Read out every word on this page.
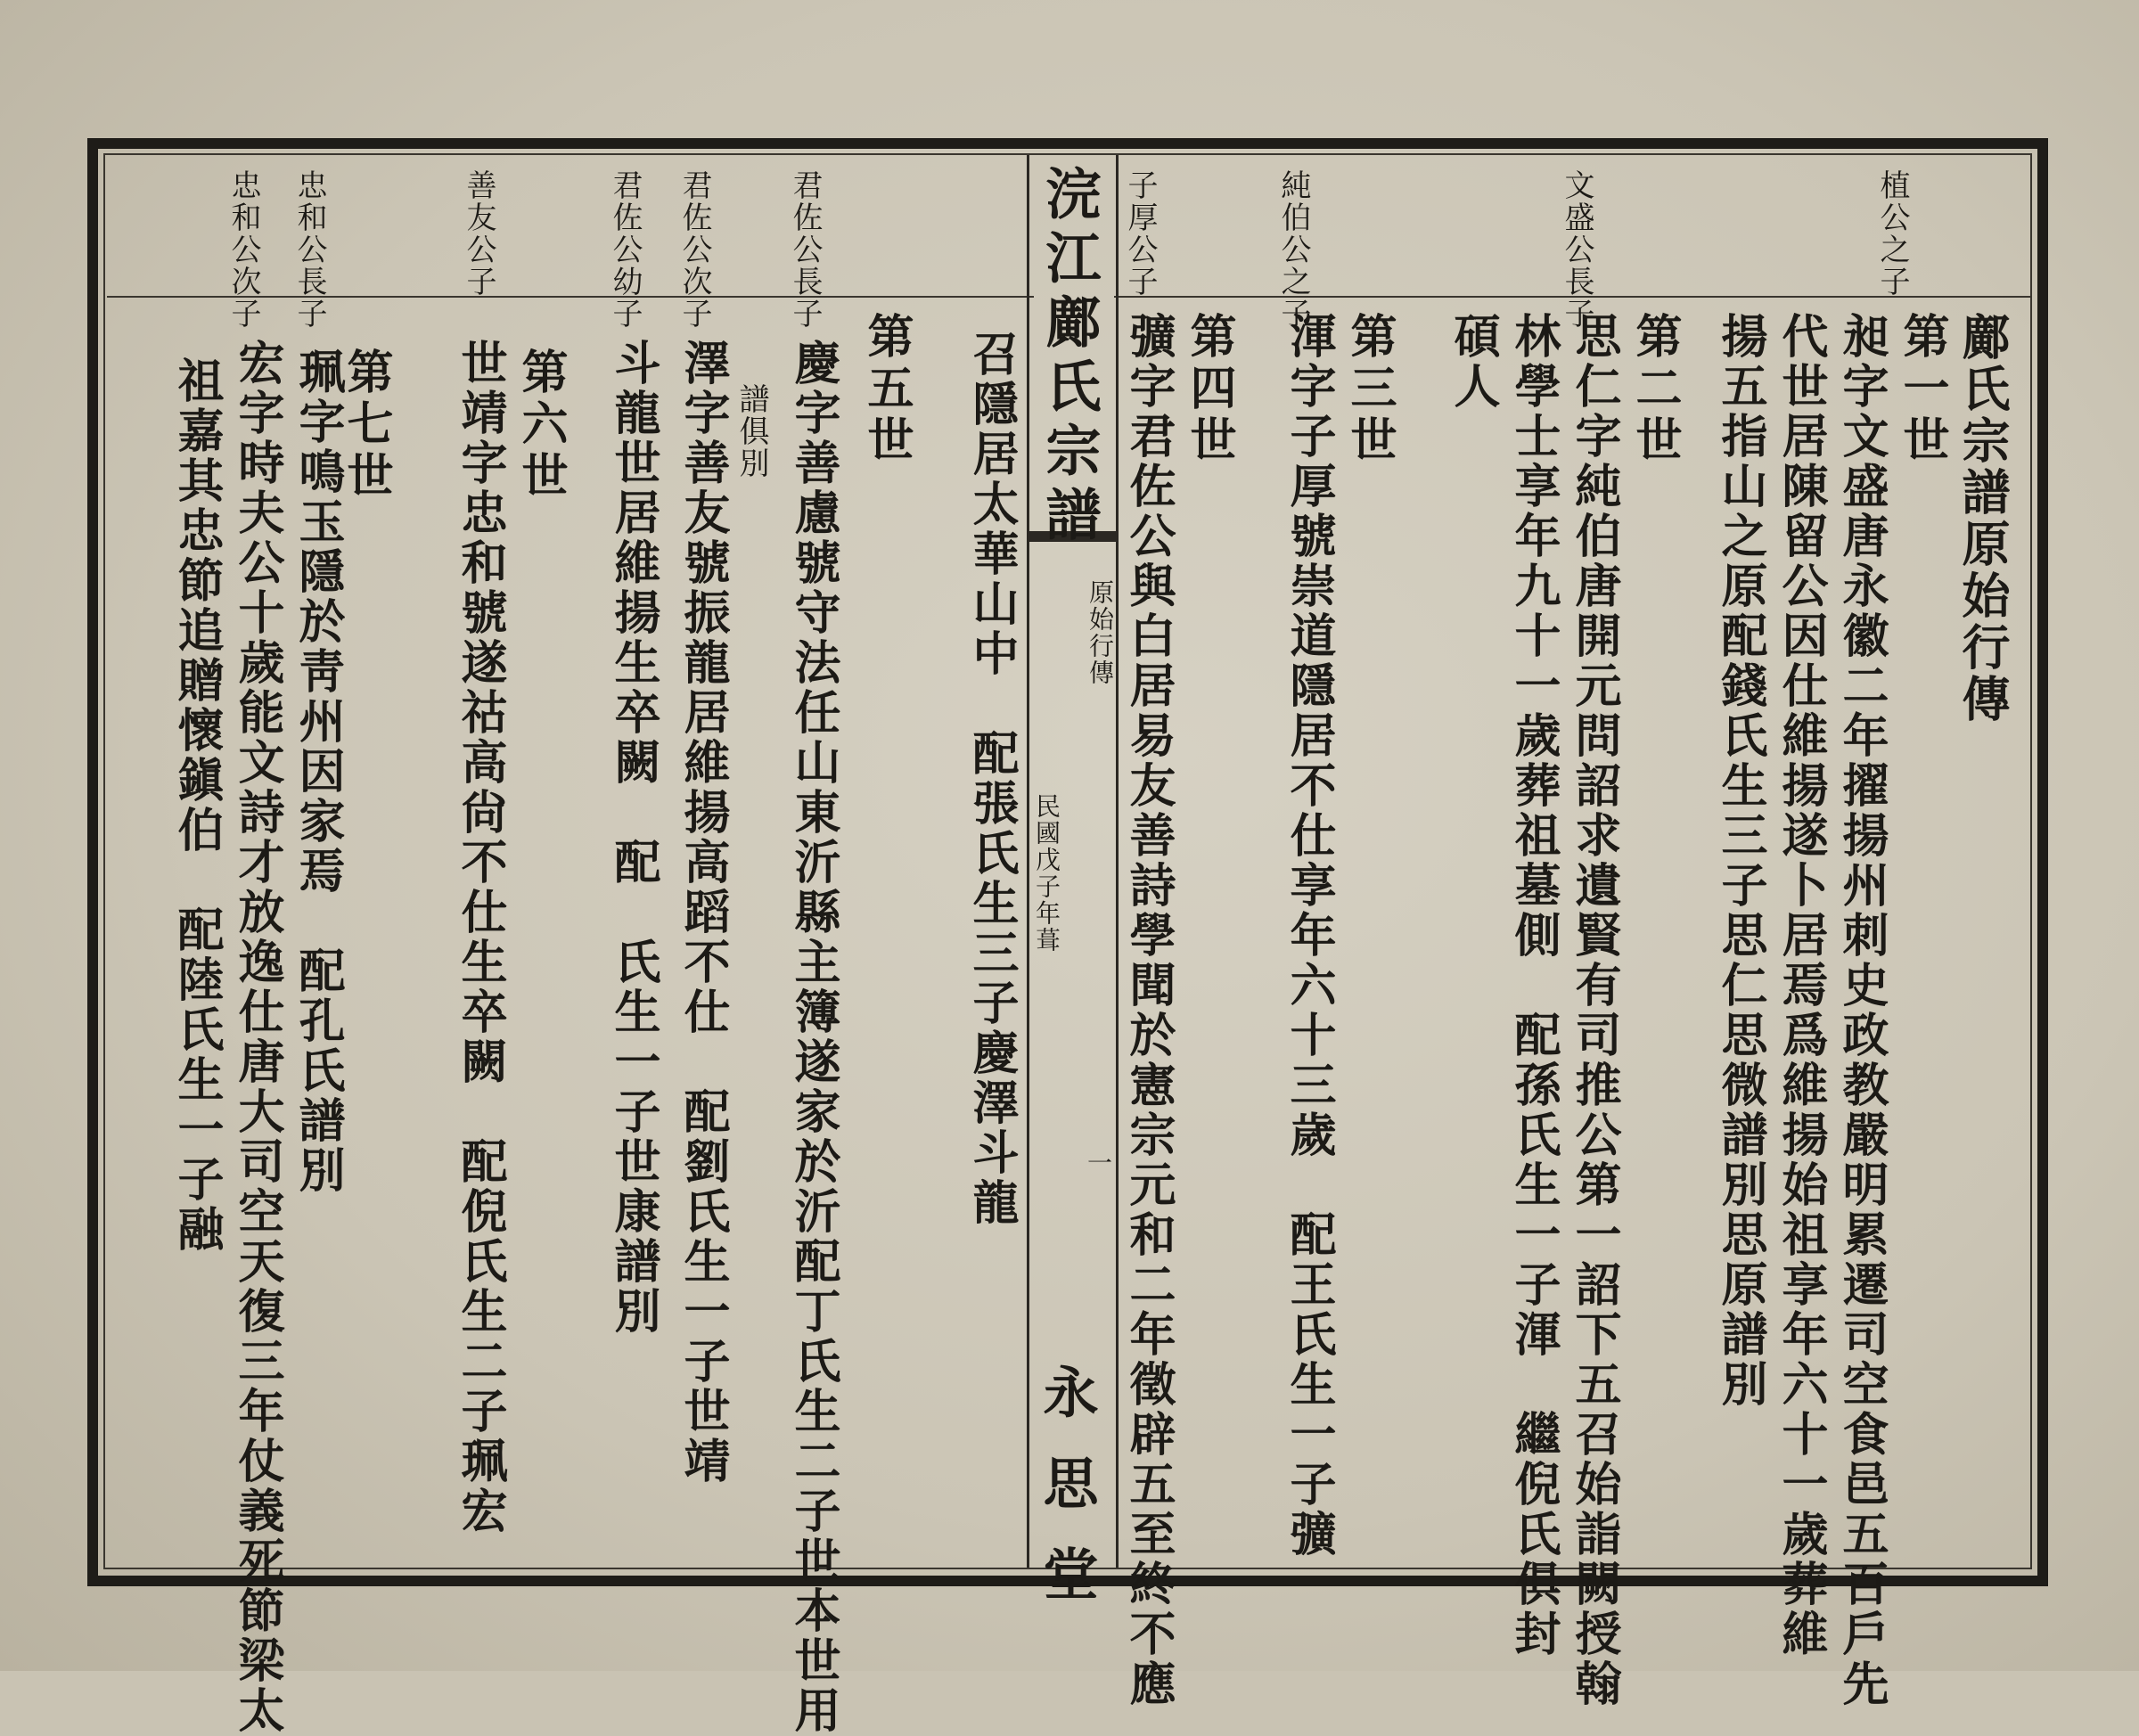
浣江鄺氏宗譜
原始行傳
民國戊子年葺
一
永思堂
植公之子
文盛公長子
純伯公之子
子厚公子
鄺氏宗譜原始行傳
第一世
昶字文盛唐永徽二年擢揚州刺史政教嚴明累遷司空食邑五百戶先
代世居陳留公因仕維揚遂卜居焉爲維揚始祖享年六十一歲葬維
揚五指山之原配錢氏生三子思仁思微譜別思原譜別
第二世
思仁字純伯唐開元問詔求遺賢有司推公第一詔下五召始詣闕授翰
林學士享年九十一歲葬祖墓側　配孫氏生一子渾　繼倪氏俱封
碩人
第三世
渾字子厚號崇道隱居不仕享年六十三歲　配王氏生一子彍
第四世
彍字君佐公與白居易友善詩學聞於憲宗元和二年徵辟五至終不應
君佐公長子
君佐公次子
君佐公幼子
善友公子
忠和公長子
忠和公次子
召隱居太華山中　配張氏生三子慶澤斗龍
第五世
慶字善慮號守法任山東沂縣主簿遂家於沂配丁氏生二子世本世用
譜俱別
澤字善友號振龍居維揚高蹈不仕　配劉氏生一子世靖
斗龍世居維揚生卒闕　配　氏生一子世康譜別
第六世
世靖字忠和號遂祜高尙不仕生卒闕　配倪氏生二子珮宏
第七世
珮字鳴玉隱於靑州因家焉　配孔氏譜別
宏字時夫公十歲能文詩才放逸仕唐大司空天復三年仗義死節梁太
祖嘉其忠節追贈懷鎭伯　配陸氏生一子融
